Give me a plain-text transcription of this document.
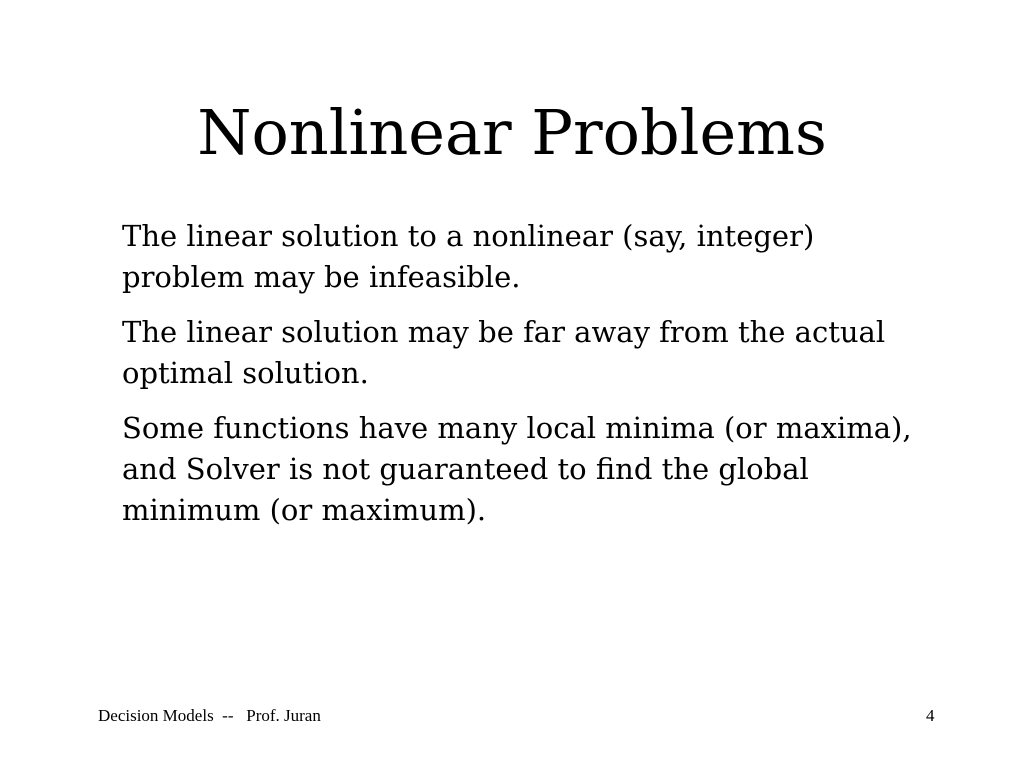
Nonlinear Problems
The linear solution to a nonlinear (say, integer) problem may be infeasible.
The linear solution may be far away from the actual optimal solution.
Some functions have many local minima (or maxima), and Solver is not guaranteed to find the global minimum (or maximum).
Decision Models  --   Prof. Juran	4
